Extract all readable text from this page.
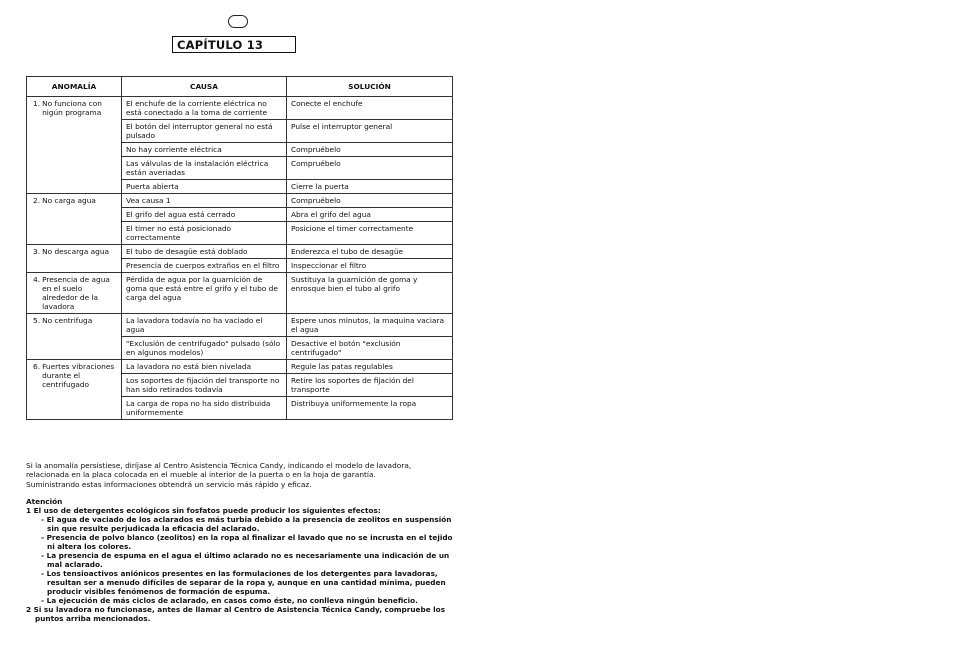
CAPÍTULO 13
ANOMALÍA	CAUSA	SOLUCIÓN

1. No funciona con nigún programa	El enchufe de la corriente eléctrica no está conectado a la toma de corriente	Conecte el enchufe
	El botón del interruptor general no está pulsado	Pulse el interruptor general
	No hay corriente eléctrica	Compruébelo
	Las válvulas de la instalación eléctrica están averiadas	Compruébelo
	Puerta abierta	Cierre la puerta

2. No carga agua	Vea causa 1	Compruébelo
	El grifo del agua está cerrado	Abra el grifo del agua
	El timer no está posicionado correctamente	Posicione el timer correctamente

3. No descarga agua	El tubo de desagüe está doblado	Enderezca el tubo de desagüe
	Presencia de cuerpos extraños en el filtro	Inspeccionar el filtro

4. Presencia de agua en el suelo alrededor de la lavadora	Pérdida de agua por la guarnición de goma que está entre el grifo y el tubo de carga del agua	Sustituya la guarnición de goma y enrosque bien el tubo al grifo

5. No centrifuga	La lavadora todavía no ha vaciado el agua	Espere unos minutos, la maquina vaciara el agua
	"Exclusión de centrifugado" pulsado (sólo en algunos modelos)	Desactive el botón "exclusión centrifugado"

6. Fuertes vibraciones durante el centrifugado	La lavadora no está bien nivelada	Regule las patas regulables
	Los soportes de fijación del transporte no han sido retirados todavía	Retire los soportes de fijación del transporte
	La carga de ropa no ha sido distribuida uniformemente	Distribuya uniformemente la ropa

Si la anomalía persistiese, diríjase al Centro Asistencia Técnica Candy, indicando el modelo de lavadora,

relacionada en la placa colocada en el mueble al interior de la puerta o en la hoja de garantía.

Suministrando estas informaciones obtendrá un servicio más rápido y eficaz.

Atención
1 El uso de detergentes ecológicos sin fosfatos puede producir los siguientes efectos:
- El agua de vaciado de los aclarados es más turbia debido a la presencia de zeolitos en suspensión sin que resulte perjudicada la eficacia del aclarado.
- Presencia de polvo blanco (zeolitos) en la ropa al finalizar el lavado que no se incrusta en el tejido ni altera los colores.
- La presencia de espuma en el agua el último aclarado no es necesariamente una indicación de un mal aclarado.
- Los tensioactivos aniónicos presentes en las formulaciones de los detergentes para lavadoras, resultan ser a menudo difíciles de separar de la ropa y, aunque en una cantidad mínima, pueden producir visibles fenómenos de formación de espuma.
- La ejecución de más ciclos de aclarado, en casos como éste, no conlleva ningún beneficio.
2 Si su lavadora no funcionase, antes de llamar al Centro de Asistencia Técnica Candy, compruebe los puntos arriba mencionados.
